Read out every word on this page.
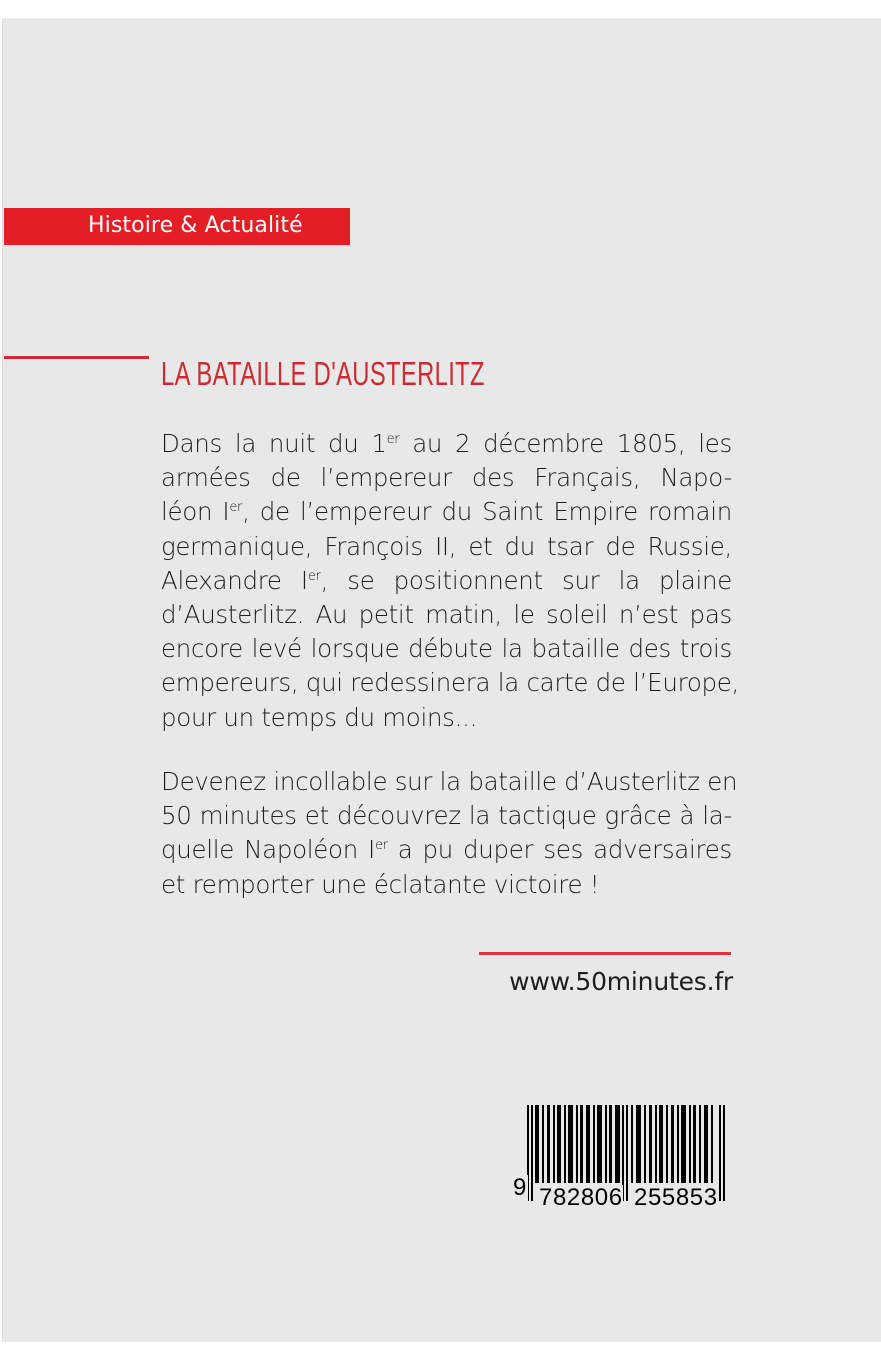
Histoire & Actualité
LA BATAILLE D'AUSTERLITZ
Dans la nuit du 1er au 2 décembre 1805, les
armées de l’empereur des Français, Napo-
léon Ier, de l’empereur du Saint Empire romain
germanique, François II, et du tsar de Russie,
Alexandre Ier, se positionnent sur la plaine
d’Austerlitz. Au petit matin, le soleil n’est pas
encore levé lorsque débute la bataille des trois
empereurs, qui redessinera la carte de l’Europe,
pour un temps du moins...
Devenez incollable sur la bataille d’Austerlitz en
50 minutes et découvrez la tactique grâce à la-
quelle Napoléon Ier a pu duper ses adversaires
et remporter une éclatante victoire !
www.50minutes.fr
9 782806 255853
